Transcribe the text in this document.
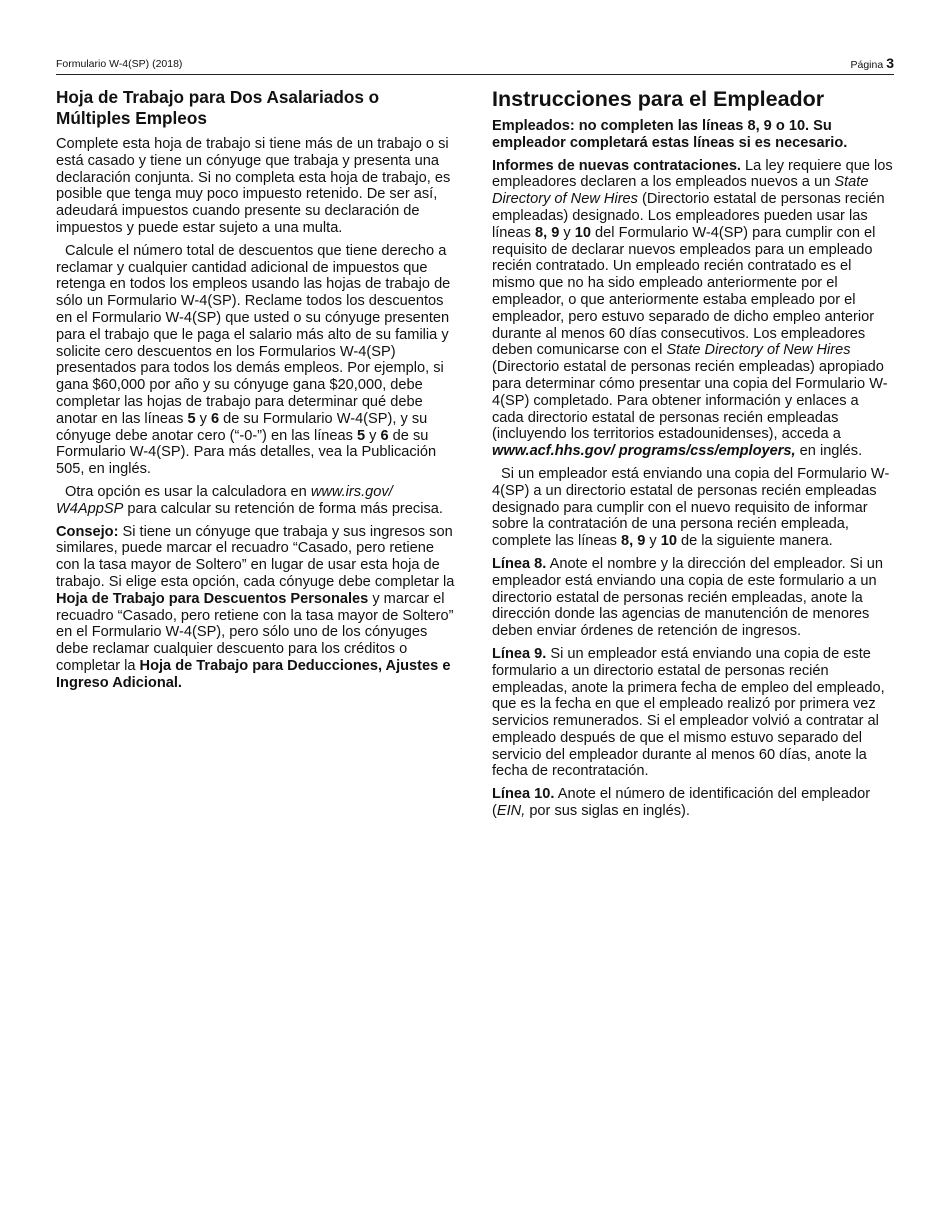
Formulario W-4(SP) (2018)	Página 3
Hoja de Trabajo para Dos Asalariados o Múltiples Empleos

Complete esta hoja de trabajo si tiene más de un trabajo o si está casado y tiene un cónyuge que trabaja y presenta una declaración conjunta. Si no completa esta hoja de trabajo, es posible que tenga muy poco impuesto retenido. De ser así, adeudará impuestos cuando presente su declaración de impuestos y puede estar sujeto a una multa.

Calcule el número total de descuentos que tiene derecho a reclamar y cualquier cantidad adicional de impuestos que retenga en todos los empleos usando las hojas de trabajo de sólo un Formulario W-4(SP). Reclame todos los descuentos en el Formulario W-4(SP) que usted o su cónyuge presenten para el trabajo que le paga el salario más alto de su familia y solicite cero descuentos en los Formularios W-4(SP) presentados para todos los demás empleos. Por ejemplo, si gana $60,000 por año y su cónyuge gana $20,000, debe completar las hojas de trabajo para determinar qué debe anotar en las líneas 5 y 6 de su Formulario W-4(SP), y su cónyuge debe anotar cero (“-0-”) en las líneas 5 y 6 de su Formulario W-4(SP). Para más detalles, vea la Publicación 505, en inglés.

Otra opción es usar la calculadora en www.irs.gov/ W4AppSP para calcular su retención de forma más precisa.

Consejo: Si tiene un cónyuge que trabaja y sus ingresos son similares, puede marcar el recuadro “Casado, pero retiene con la tasa mayor de Soltero” en lugar de usar esta hoja de trabajo. Si elige esta opción, cada cónyuge debe completar la Hoja de Trabajo para Descuentos Personales y marcar el recuadro “Casado, pero retiene con la tasa mayor de Soltero” en el Formulario W-4(SP), pero sólo uno de los cónyuges debe reclamar cualquier descuento para los créditos o completar la Hoja de Trabajo para Deducciones, Ajustes e Ingreso Adicional.

Instrucciones para el Empleador

Empleados: no completen las líneas 8, 9 o 10. Su empleador completará estas líneas si es necesario.

Informes de nuevas contrataciones. La ley requiere que los empleadores declaren a los empleados nuevos a un State Directory of New Hires (Directorio estatal de personas recién empleadas) designado. Los empleadores pueden usar las líneas 8, 9 y 10 del Formulario W-4(SP) para cumplir con el requisito de declarar nuevos empleados para un empleado recién contratado. Un empleado recién contratado es el mismo que no ha sido empleado anteriormente por el empleador, o que anteriormente estaba empleado por el empleador, pero estuvo separado de dicho empleo anterior durante al menos 60 días consecutivos. Los empleadores deben comunicarse con el State Directory of New Hires (Directorio estatal de personas recién empleadas) apropiado para determinar cómo presentar una copia del Formulario W-4(SP) completado. Para obtener información y enlaces a cada directorio estatal de personas recién empleadas (incluyendo los territorios estadounidenses), acceda a www.acf.hhs.gov/ programs/css/employers, en inglés.

Si un empleador está enviando una copia del Formulario W-4(SP) a un directorio estatal de personas recién empleadas designado para cumplir con el nuevo requisito de informar sobre la contratación de una persona recién empleada, complete las líneas 8, 9 y 10 de la siguiente manera.

Línea 8. Anote el nombre y la dirección del empleador. Si un empleador está enviando una copia de este formulario a un directorio estatal de personas recién empleadas, anote la dirección donde las agencias de manutención de menores deben enviar órdenes de retención de ingresos.

Línea 9. Si un empleador está enviando una copia de este formulario a un directorio estatal de personas recién empleadas, anote la primera fecha de empleo del empleado, que es la fecha en que el empleado realizó por primera vez servicios remunerados. Si el empleador volvió a contratar al empleado después de que el mismo estuvo separado del servicio del empleador durante al menos 60 días, anote la fecha de recontratación.

Línea 10. Anote el número de identificación del empleador (EIN, por sus siglas en inglés).
